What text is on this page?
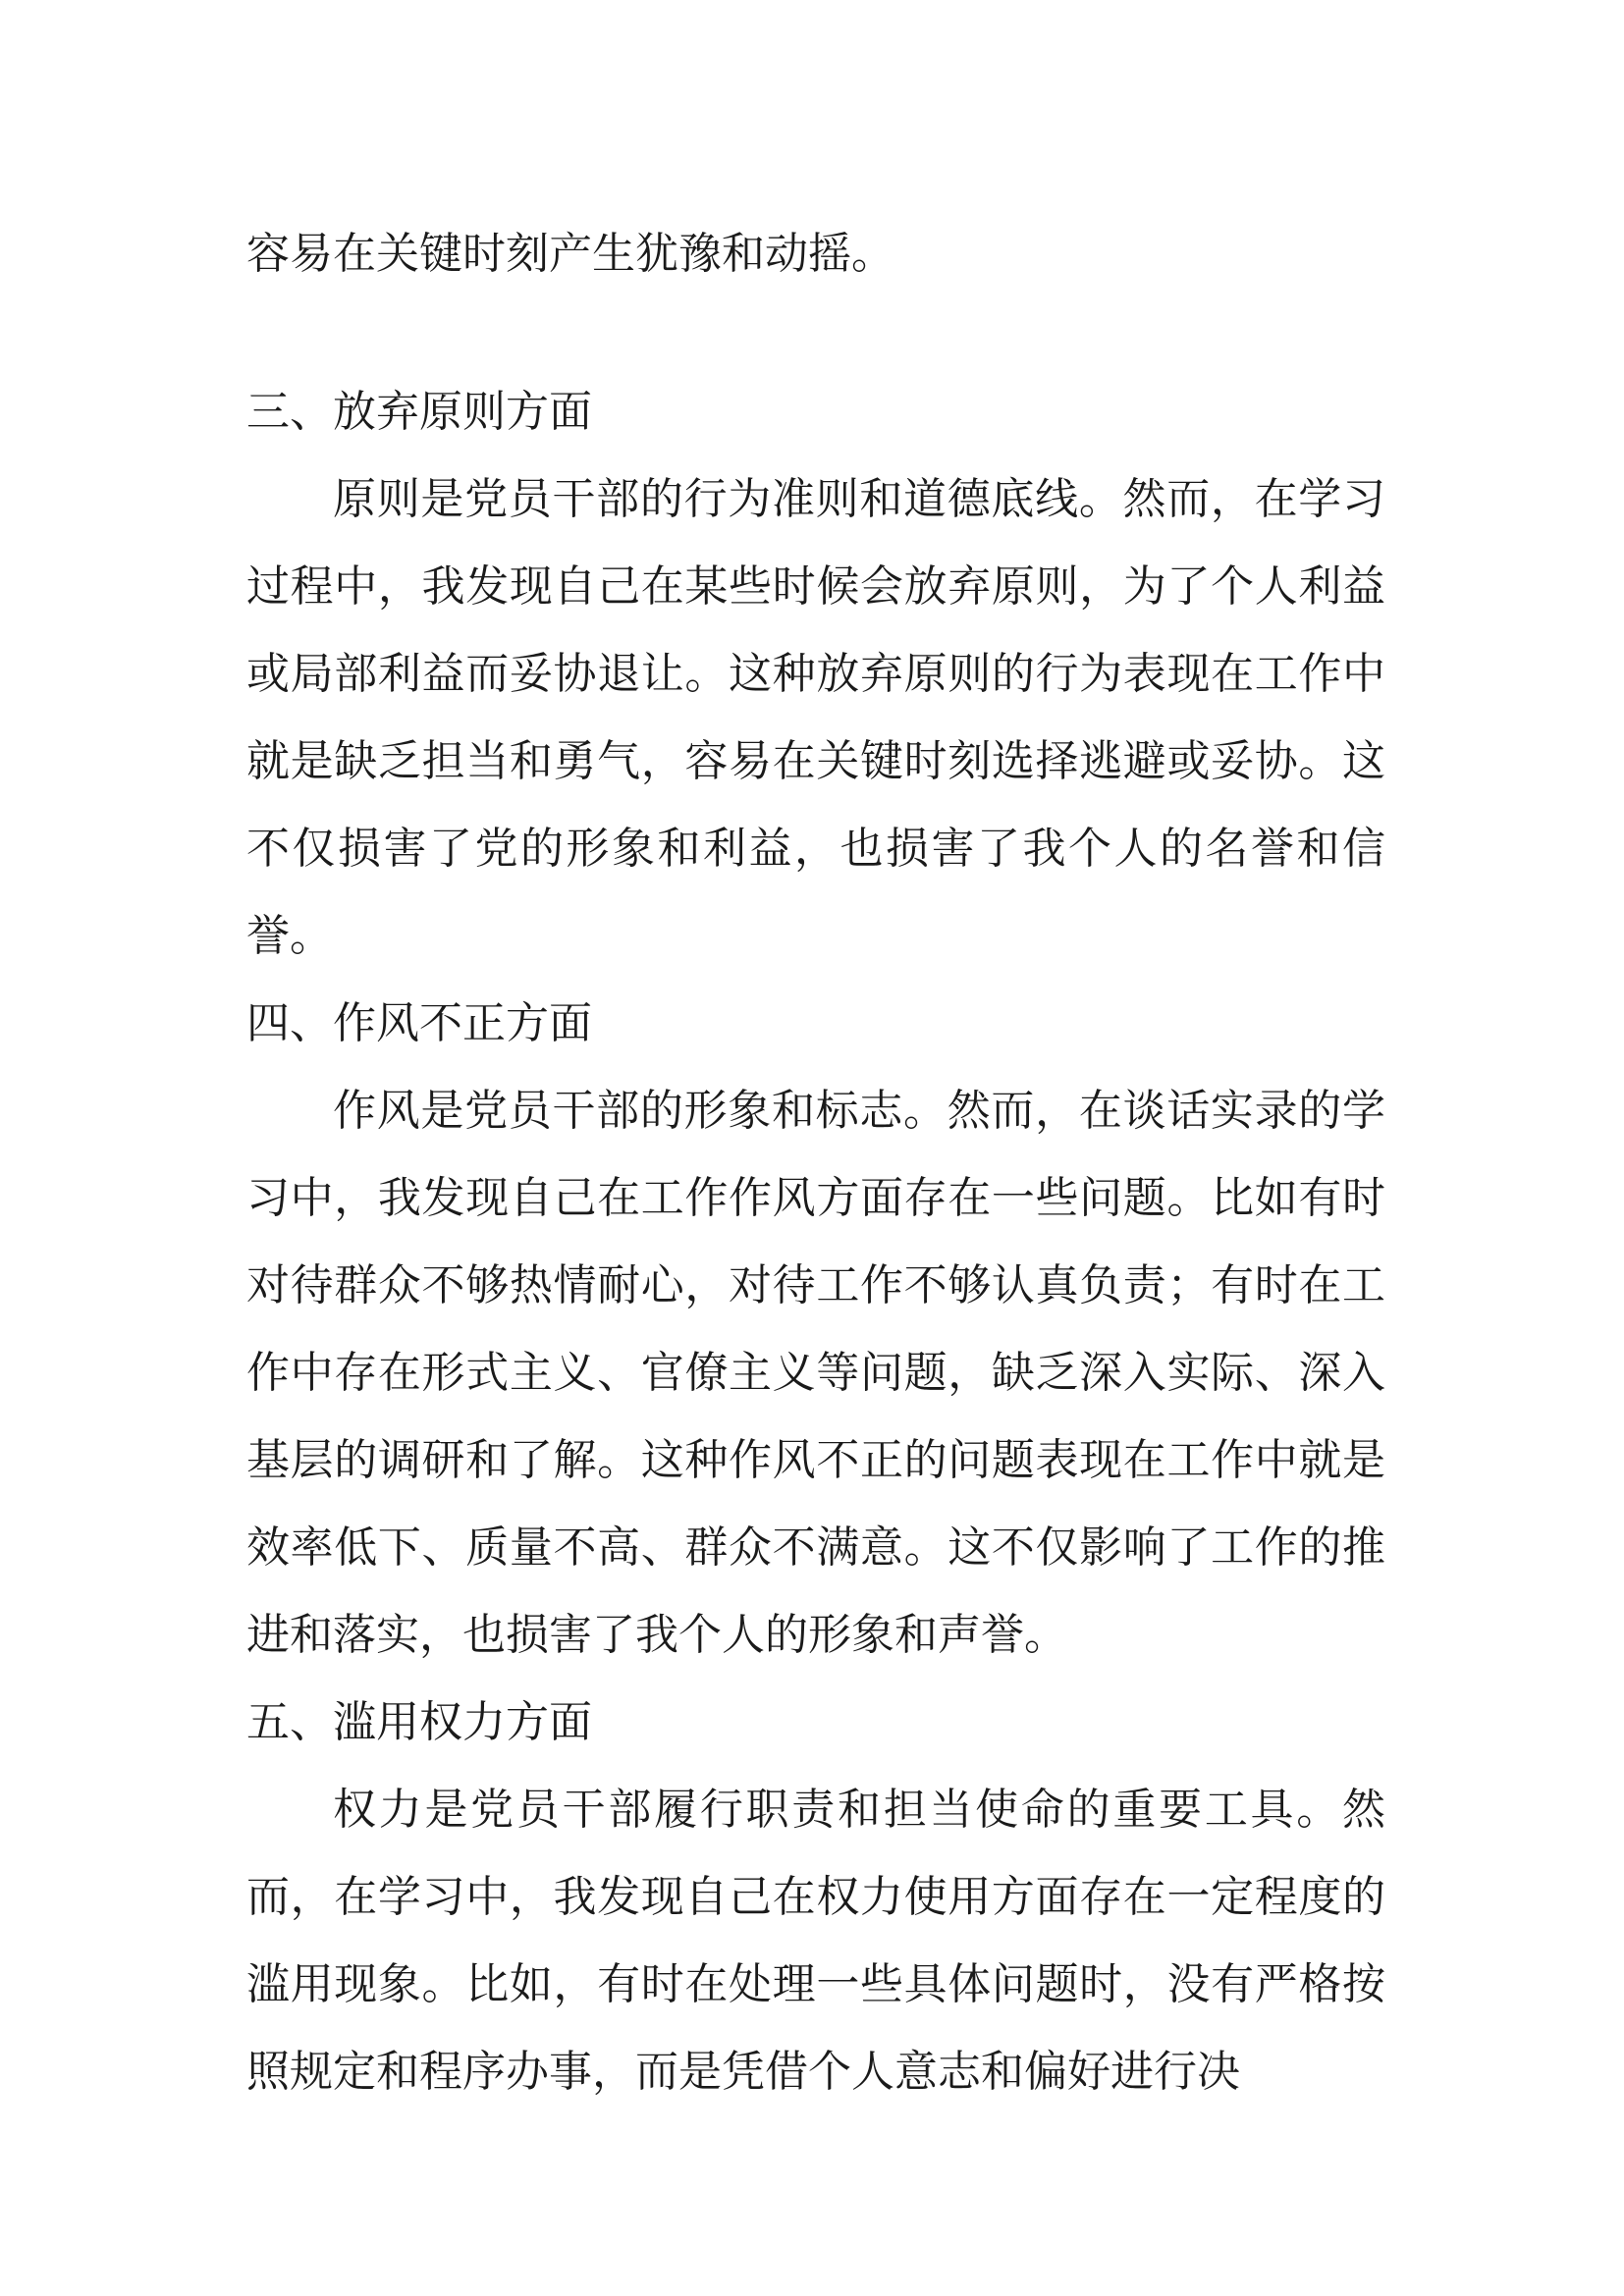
容易在关键时刻产生犹豫和动摇。

三、放弃原则方面

原则是党员干部的行为准则和道德底线。然而，在学习过程中，我发现自己在某些时候会放弃原则，为了个人利益或局部利益而妥协退让。这种放弃原则的行为表现在工作中就是缺乏担当和勇气，容易在关键时刻选择逃避或妥协。这不仅损害了党的形象和利益，也损害了我个人的名誉和信誉。

四、作风不正方面

作风是党员干部的形象和标志。然而，在谈话实录的学习中，我发现自己在工作作风方面存在一些问题。比如有时对待群众不够热情耐心，对待工作不够认真负责；有时在工作中存在形式主义、官僚主义等问题，缺乏深入实际、深入基层的调研和了解。这种作风不正的问题表现在工作中就是效率低下、质量不高、群众不满意。这不仅影响了工作的推进和落实，也损害了我个人的形象和声誉。

五、滥用权力方面

权力是党员干部履行职责和担当使命的重要工具。然而，在学习中，我发现自己在权力使用方面存在一定程度的滥用现象。比如，有时在处理一些具体问题时，没有严格按照规定和程序办事，而是凭借个人意志和偏好进行决
